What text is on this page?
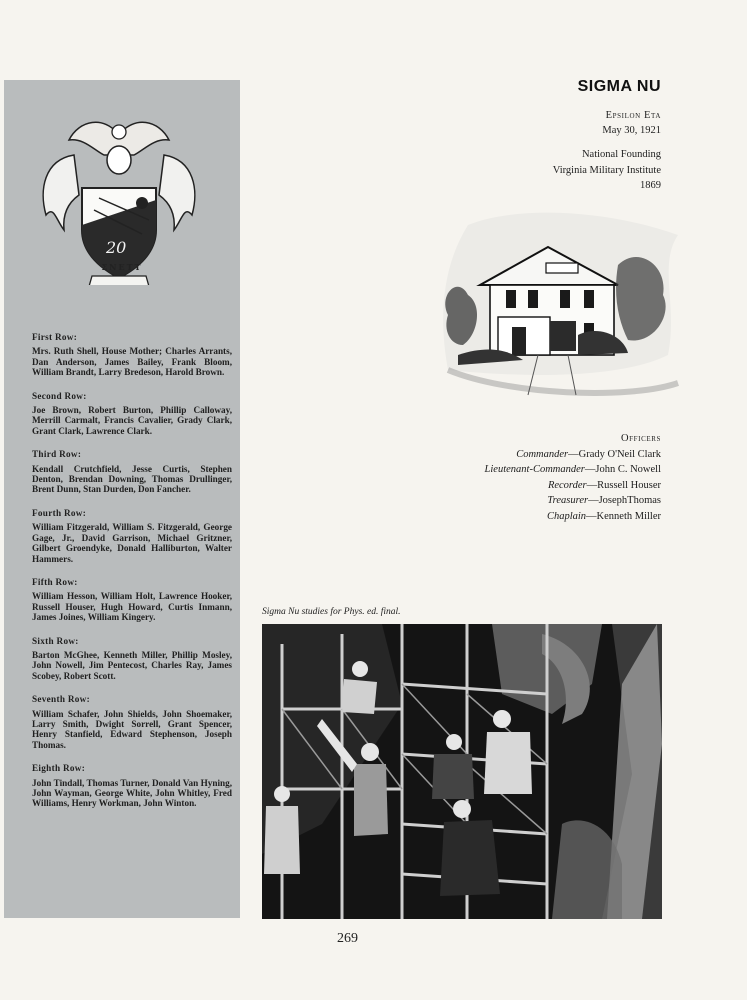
20
ΣΝΕΤΤ
First Row:
Mrs. Ruth Shell, House Mother; Charles Arrants, Dan Anderson, James Bailey, Frank Bloom, William Brandt, Larry Bredeson, Harold Brown.
Second Row:
Joe Brown, Robert Burton, Phillip Calloway, Merrill Carmalt, Francis Cavalier, Grady Clark, Grant Clark, Lawrence Clark.
Third Row:
Kendall Crutchfield, Jesse Curtis, Stephen Denton, Brendan Downing, Thomas Drullinger, Brent Dunn, Stan Durden, Don Fancher.
Fourth Row:
William Fitzgerald, William S. Fitzgerald, George Gage, Jr., David Garrison, Michael Gritzner, Gilbert Groendyke, Donald Halliburton, Walter Hammers.
Fifth Row:
William Hesson, William Holt, Lawrence Hooker, Russell Houser, Hugh Howard, Curtis Inmann, James Joines, William Kingery.
Sixth Row:
Barton McGhee, Kenneth Miller, Phillip Mosley, John Nowell, Jim Pentecost, Charles Ray, James Scobey, Robert Scott.
Seventh Row:
William Schafer, John Shields, John Shoemaker, Larry Smith, Dwight Sorrell, Grant Spencer, Henry Stanfield, Edward Stephenson, Joseph Thomas.
Eighth Row:
John Tindall, Thomas Turner, Donald Van Hyning, John Wayman, George White, John Whitley, Fred Williams, Henry Workman, John Winton.
SIGMA NU
Epsilon Eta
May 30, 1921
National Founding
Virginia Military Institute
1869
Officers
Commander—Grady O'Neil Clark
Lieutenant-Commander—John C. Nowell
Recorder—Russell Houser
Treasurer—JosephThomas
Chaplain—Kenneth Miller
Sigma Nu studies for Phys. ed. final.
269
